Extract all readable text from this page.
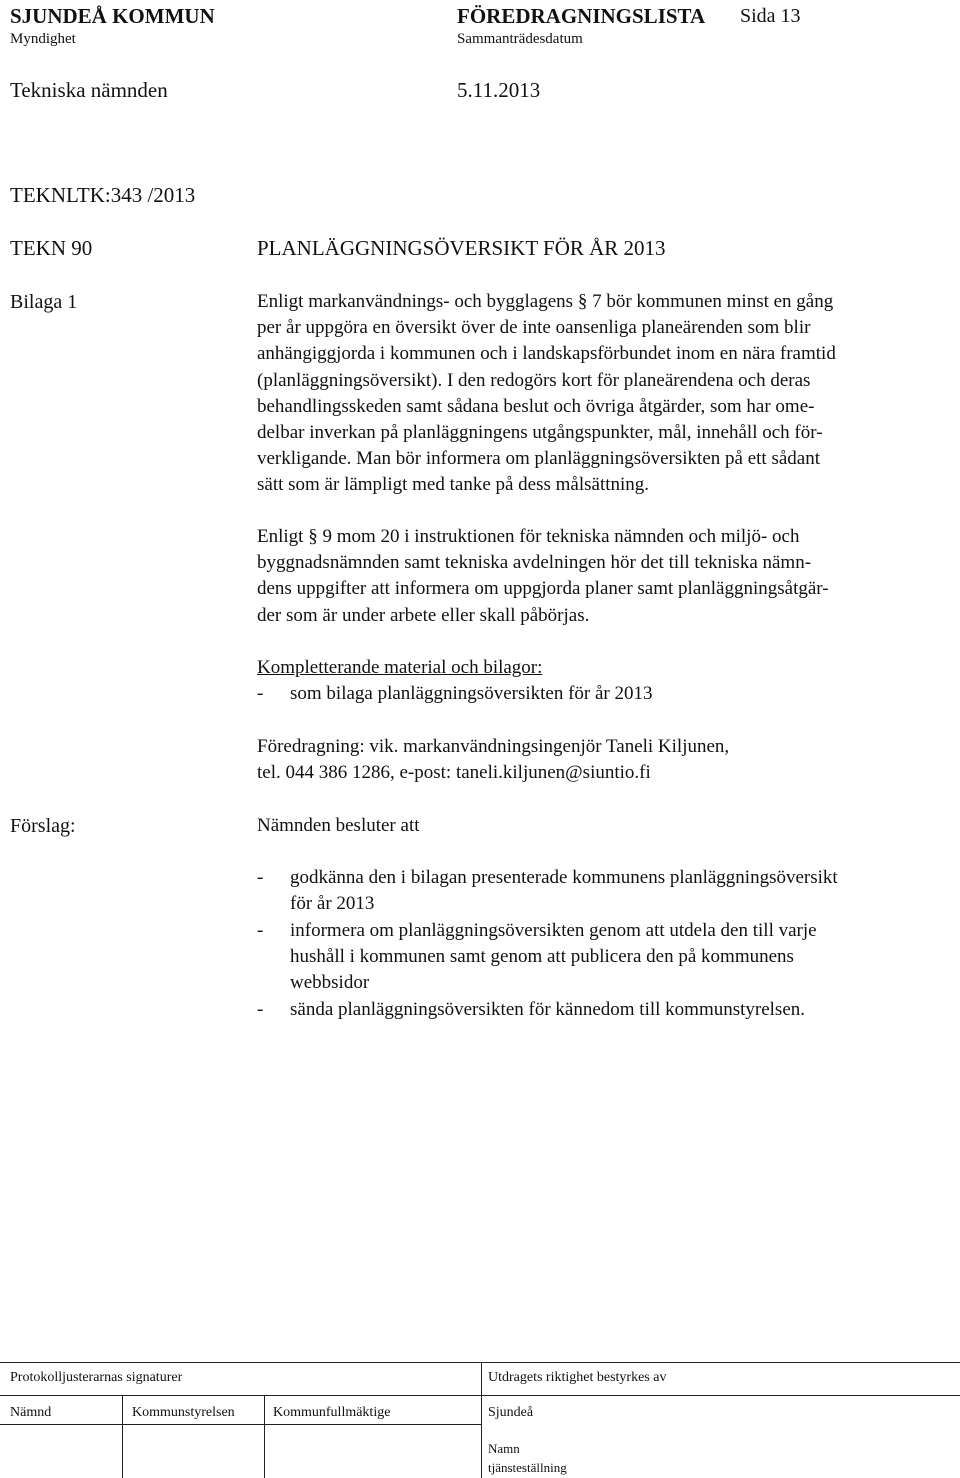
SJUNDEÅ KOMMUN	FÖREDRAGNINGSLISTA Sida 13
Myndighet	Sammanträdesdatum
Tekniska nämnden	5.11.2013
TEKNLTK:343 /2013
TEKN 90	PLANLÄGGNINGSÖVERSIKT FÖR ÅR 2013
Bilaga 1	Enligt markanvändnings- och bygglagens § 7 bör kommunen minst en gång
per år uppgöra en översikt över de inte oansenliga planeärenden som blir
anhängiggjorda i kommunen och i landskapsförbundet inom en nära framtid
(planläggningsöversikt). I den redogörs kort för planeärendena och deras
behandlingsskeden samt sådana beslut och övriga åtgärder, som har ome-
delbar inverkan på planläggningens utgångspunkter, mål, innehåll och för-
verkligande. Man bör informera om planläggningsöversikten på ett sådant
sätt som är lämpligt med tanke på dess målsättning.
Enligt § 9 mom 20 i instruktionen för tekniska nämnden och miljö- och
byggnadsnämnden samt tekniska avdelningen hör det till tekniska nämn-
dens uppgifter att informera om uppgjorda planer samt planläggningsåtgär-
der som är under arbete eller skall påbörjas.
Kompletterande material och bilagor:
- som bilaga planläggningsöversikten för år 2013
Föredragning: vik. markanvändningsingenjör Taneli Kiljunen,
tel. 044 386 1286, e-post: taneli.kiljunen@siuntio.fi
Förslag:	Nämnden besluter att
- godkänna den i bilagan presenterade kommunens planläggningsöversikt
för år 2013
- informera om planläggningsöversikten genom att utdela den till varje
hushåll i kommunen samt genom att publicera den på kommunens
webbsidor
- sända planläggningsöversikten för kännedom till kommunstyrelsen.
Protokolljusterarnas signaturer	Utdragets riktighet bestyrkes av
Nämnd	Kommunstyrelsen	Kommunfullmäktige	Sjundeå
Namn
tjänsteställning
